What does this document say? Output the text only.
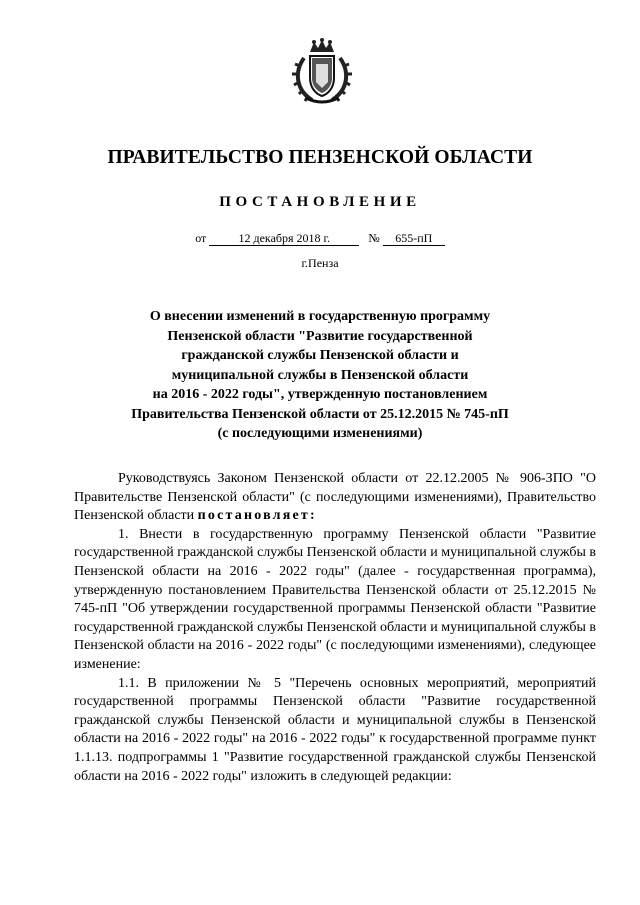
ПРАВИТЕЛЬСТВО ПЕНЗЕНСКОЙ ОБЛАСТИ
ПОСТАНОВЛЕНИЕ
от	12 декабря 2018 г.	№ 655-пП
г.Пенза
О внесении изменений в государственную программу
Пензенской области "Развитие государственной
гражданской службы Пензенской области и
муниципальной службы в Пензенской области
на 2016 - 2022 годы", утвержденную постановлением
Правительства Пензенской области от 25.12.2015 № 745-пП
(с последующими изменениями)

Руководствуясь Законом Пензенской области от 22.12.2005 № 906-ЗПО "О Правительстве Пензенской области" (с последующими изменениями), Правительство Пензенской области постановляет:

1. Внести в государственную программу Пензенской области "Развитие государственной гражданской службы Пензенской области и муниципальной службы в Пензенской области на 2016 - 2022 годы" (далее - государственная программа), утвержденную постановлением Правительства Пензенской области от 25.12.2015 № 745-пП "Об утверждении государственной программы Пензенской области "Развитие государственной гражданской службы Пензенской области и муниципальной службы в Пензенской области на 2016 - 2022 годы" (с последующими изменениями), следующее изменение:

1.1. В приложении № 5 "Перечень основных мероприятий, мероприятий государственной программы Пензенской области "Развитие государственной гражданской службы Пензенской области и муниципальной службы в Пензенской области на 2016 - 2022 годы" на 2016 - 2022 годы" к государственной программе пункт 1.1.13. подпрограммы 1 "Развитие государственной гражданской службы Пензенской области на 2016 - 2022 годы" изложить в следующей редакции:
